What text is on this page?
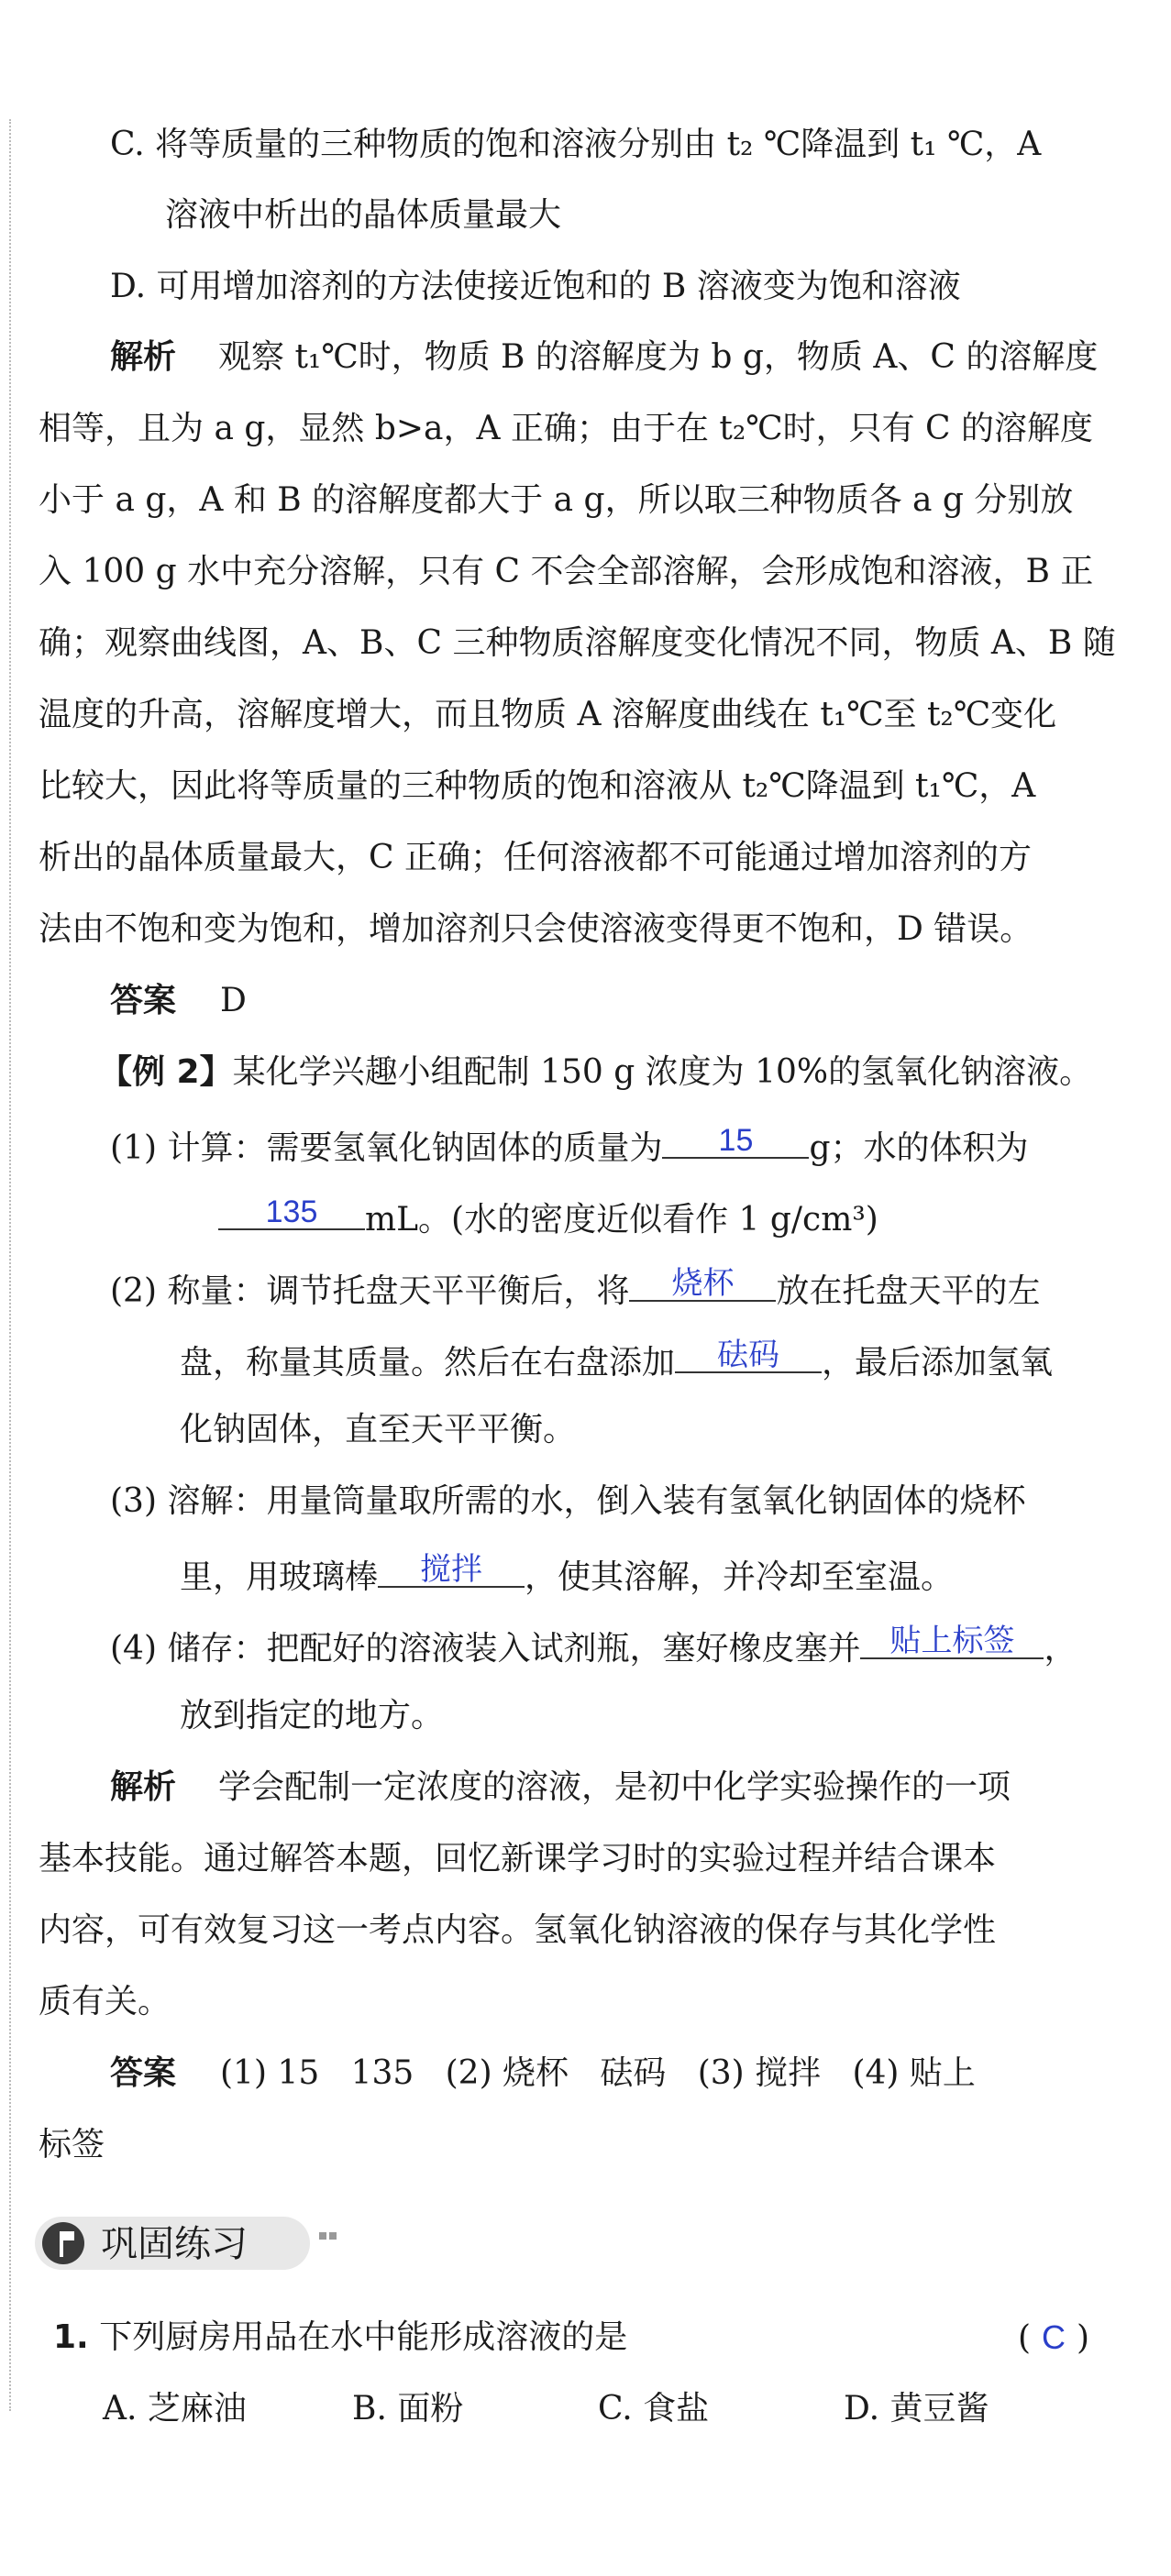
C. 将等质量的三种物质的饱和溶液分别由 t₂ ℃降温到 t₁ ℃，A
溶液中析出的晶体质量最大
D. 可用增加溶剂的方法使接近饱和的 B 溶液变为饱和溶液
解析 观察 t₁℃时，物质 B 的溶解度为 b g，物质 A、C 的溶解度
相等，且为 a g，显然 b>a，A 正确；由于在 t₂℃时，只有 C 的溶解度
小于 a g，A 和 B 的溶解度都大于 a g，所以取三种物质各 a g 分别放
入 100 g 水中充分溶解，只有 C 不会全部溶解，会形成饱和溶液，B 正
确；观察曲线图，A、B、C 三种物质溶解度变化情况不同，物质 A、B 随
温度的升高，溶解度增大，而且物质 A 溶解度曲线在 t₁℃至 t₂℃变化
比较大，因此将等质量的三种物质的饱和溶液从 t₂℃降温到 t₁℃，A
析出的晶体质量最大，C 正确；任何溶液都不可能通过增加溶剂的方
法由不饱和变为饱和，增加溶剂只会使溶液变得更不饱和，D 错误。
答案 D
【例 2】某化学兴趣小组配制 150 g 浓度为 10%的氢氧化钠溶液。
(1) 计算：需要氢氧化钠固体的质量为	15	g；水的体积为
135	mL。(水的密度近似看作 1 g/cm³)
(2) 称量：调节托盘天平平衡后，将	烧杯	放在托盘天平的左
盘，称量其质量。然后在右盘添加	砝码	，最后添加氢氧
化钠固体，直至天平平衡。
(3) 溶解：用量筒量取所需的水，倒入装有氢氧化钠固体的烧杯
里，用玻璃棒	搅拌	，使其溶解，并冷却至室温。
(4) 储存：把配好的溶液装入试剂瓶，塞好橡皮塞并 贴上标签 ，
放到指定的地方。
解析 学会配制一定浓度的溶液，是初中化学实验操作的一项
基本技能。通过解答本题，回忆新课学习时的实验过程并结合课本
内容，可有效复习这一考点内容。氢氧化钠溶液的保存与其化学性
质有关。
答案 (1) 15   135   (2) 烧杯   砝码   (3) 搅拌   (4) 贴上
标签
巩固练习
1. 下列厨房用品在水中能形成溶液的是	( C )
A. 芝麻油	B. 面粉	C. 食盐	D. 黄豆酱
